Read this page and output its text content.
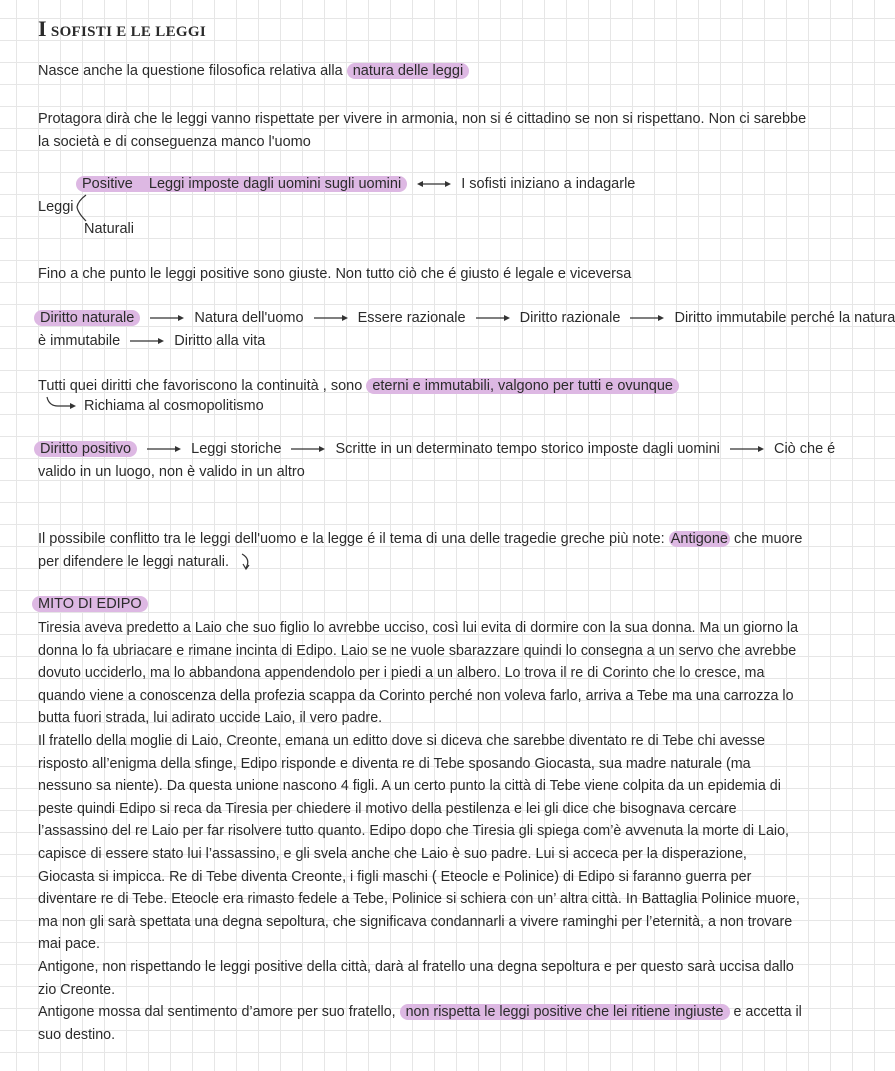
I SOFISTI E LE LEGGI
Nasce anche la questione filosofica relativa alla natura delle leggi
Protagora dirà che le leggi vanno rispettate per vivere in armonia, non si é cittadino se non si rispettano. Non ci sarebbe la società e di conseguenza manco l'uomo
Positive Leggi imposte dagli uomini sugli uomini	I sofisti iniziano a indagarle
Leggi
Naturali
Fino a che punto le leggi positive sono giuste. Non tutto ciò che é giusto é legale e viceversa
Diritto naturale	Natura dell'uomo	Essere razionale	Diritto razionale	Diritto immutabile perché la natura
è immutabile	Diritto alla vita
Tutti quei diritti che favoriscono la continuità , sono eterni e immutabili, valgono per tutti e ovunque
Richiama al cosmopolitismo
Diritto positivo	Leggi storiche	Scritte in un determinato tempo storico imposte dagli uomini	Ciò che é
valido in un luogo, non è valido in un altro
Il possibile conflitto tra le leggi dell'uomo e la legge é il tema di una delle tragedie greche più note: Antigone che muore per difendere le leggi naturali.
MITO DI EDIPO
Tiresia aveva predetto a Laio che suo figlio lo avrebbe ucciso, così lui evita di dormire con la sua donna. Ma un giorno la donna lo fa ubriacare e rimane incinta di Edipo. Laio se ne vuole sbarazzare quindi lo consegna a un servo che avrebbe dovuto ucciderlo, ma lo abbandona appendendolo per i piedi a un albero. Lo trova il re di Corinto che lo cresce, ma quando viene a conoscenza della profezia scappa da Corinto perché non voleva farlo, arriva a Tebe ma una carrozza lo butta fuori strada, lui adirato uccide Laio, il vero padre.
Il fratello della moglie di Laio, Creonte, emana un editto dove si diceva che sarebbe diventato re di Tebe chi avesse risposto all’enigma della sfinge, Edipo risponde e diventa re di Tebe sposando Giocasta, sua madre naturale (ma nessuno sa niente). Da questa unione nascono 4 figli. A un certo punto la città di Tebe viene colpita da un epidemia di peste quindi Edipo si reca da Tiresia per chiedere il motivo della pestilenza e lei gli dice che bisognava cercare l’assassino del re Laio per far risolvere tutto quanto. Edipo dopo che Tiresia gli spiega com’è avvenuta la morte di Laio, capisce di essere stato lui l’assassino, e gli svela anche che Laio è suo padre. Lui si acceca per la disperazione, Giocasta si impicca. Re di Tebe diventa Creonte, i figli maschi ( Eteocle e Polinice) di Edipo si faranno guerra per diventare re di Tebe. Eteocle era rimasto fedele a Tebe, Polinice si schiera con un’ altra città. In Battaglia Polinice muore, ma non gli sarà spettata una degna sepoltura, che significava condannarli a vivere raminghi per l’eternità, a non trovare mai pace.
Antigone, non rispettando le leggi positive della città, darà al fratello una degna sepoltura e per questo sarà uccisa dallo zio Creonte.
Antigone mossa dal sentimento d’amore per suo fratello, non rispetta le leggi positive che lei ritiene ingiuste e accetta il suo destino.
